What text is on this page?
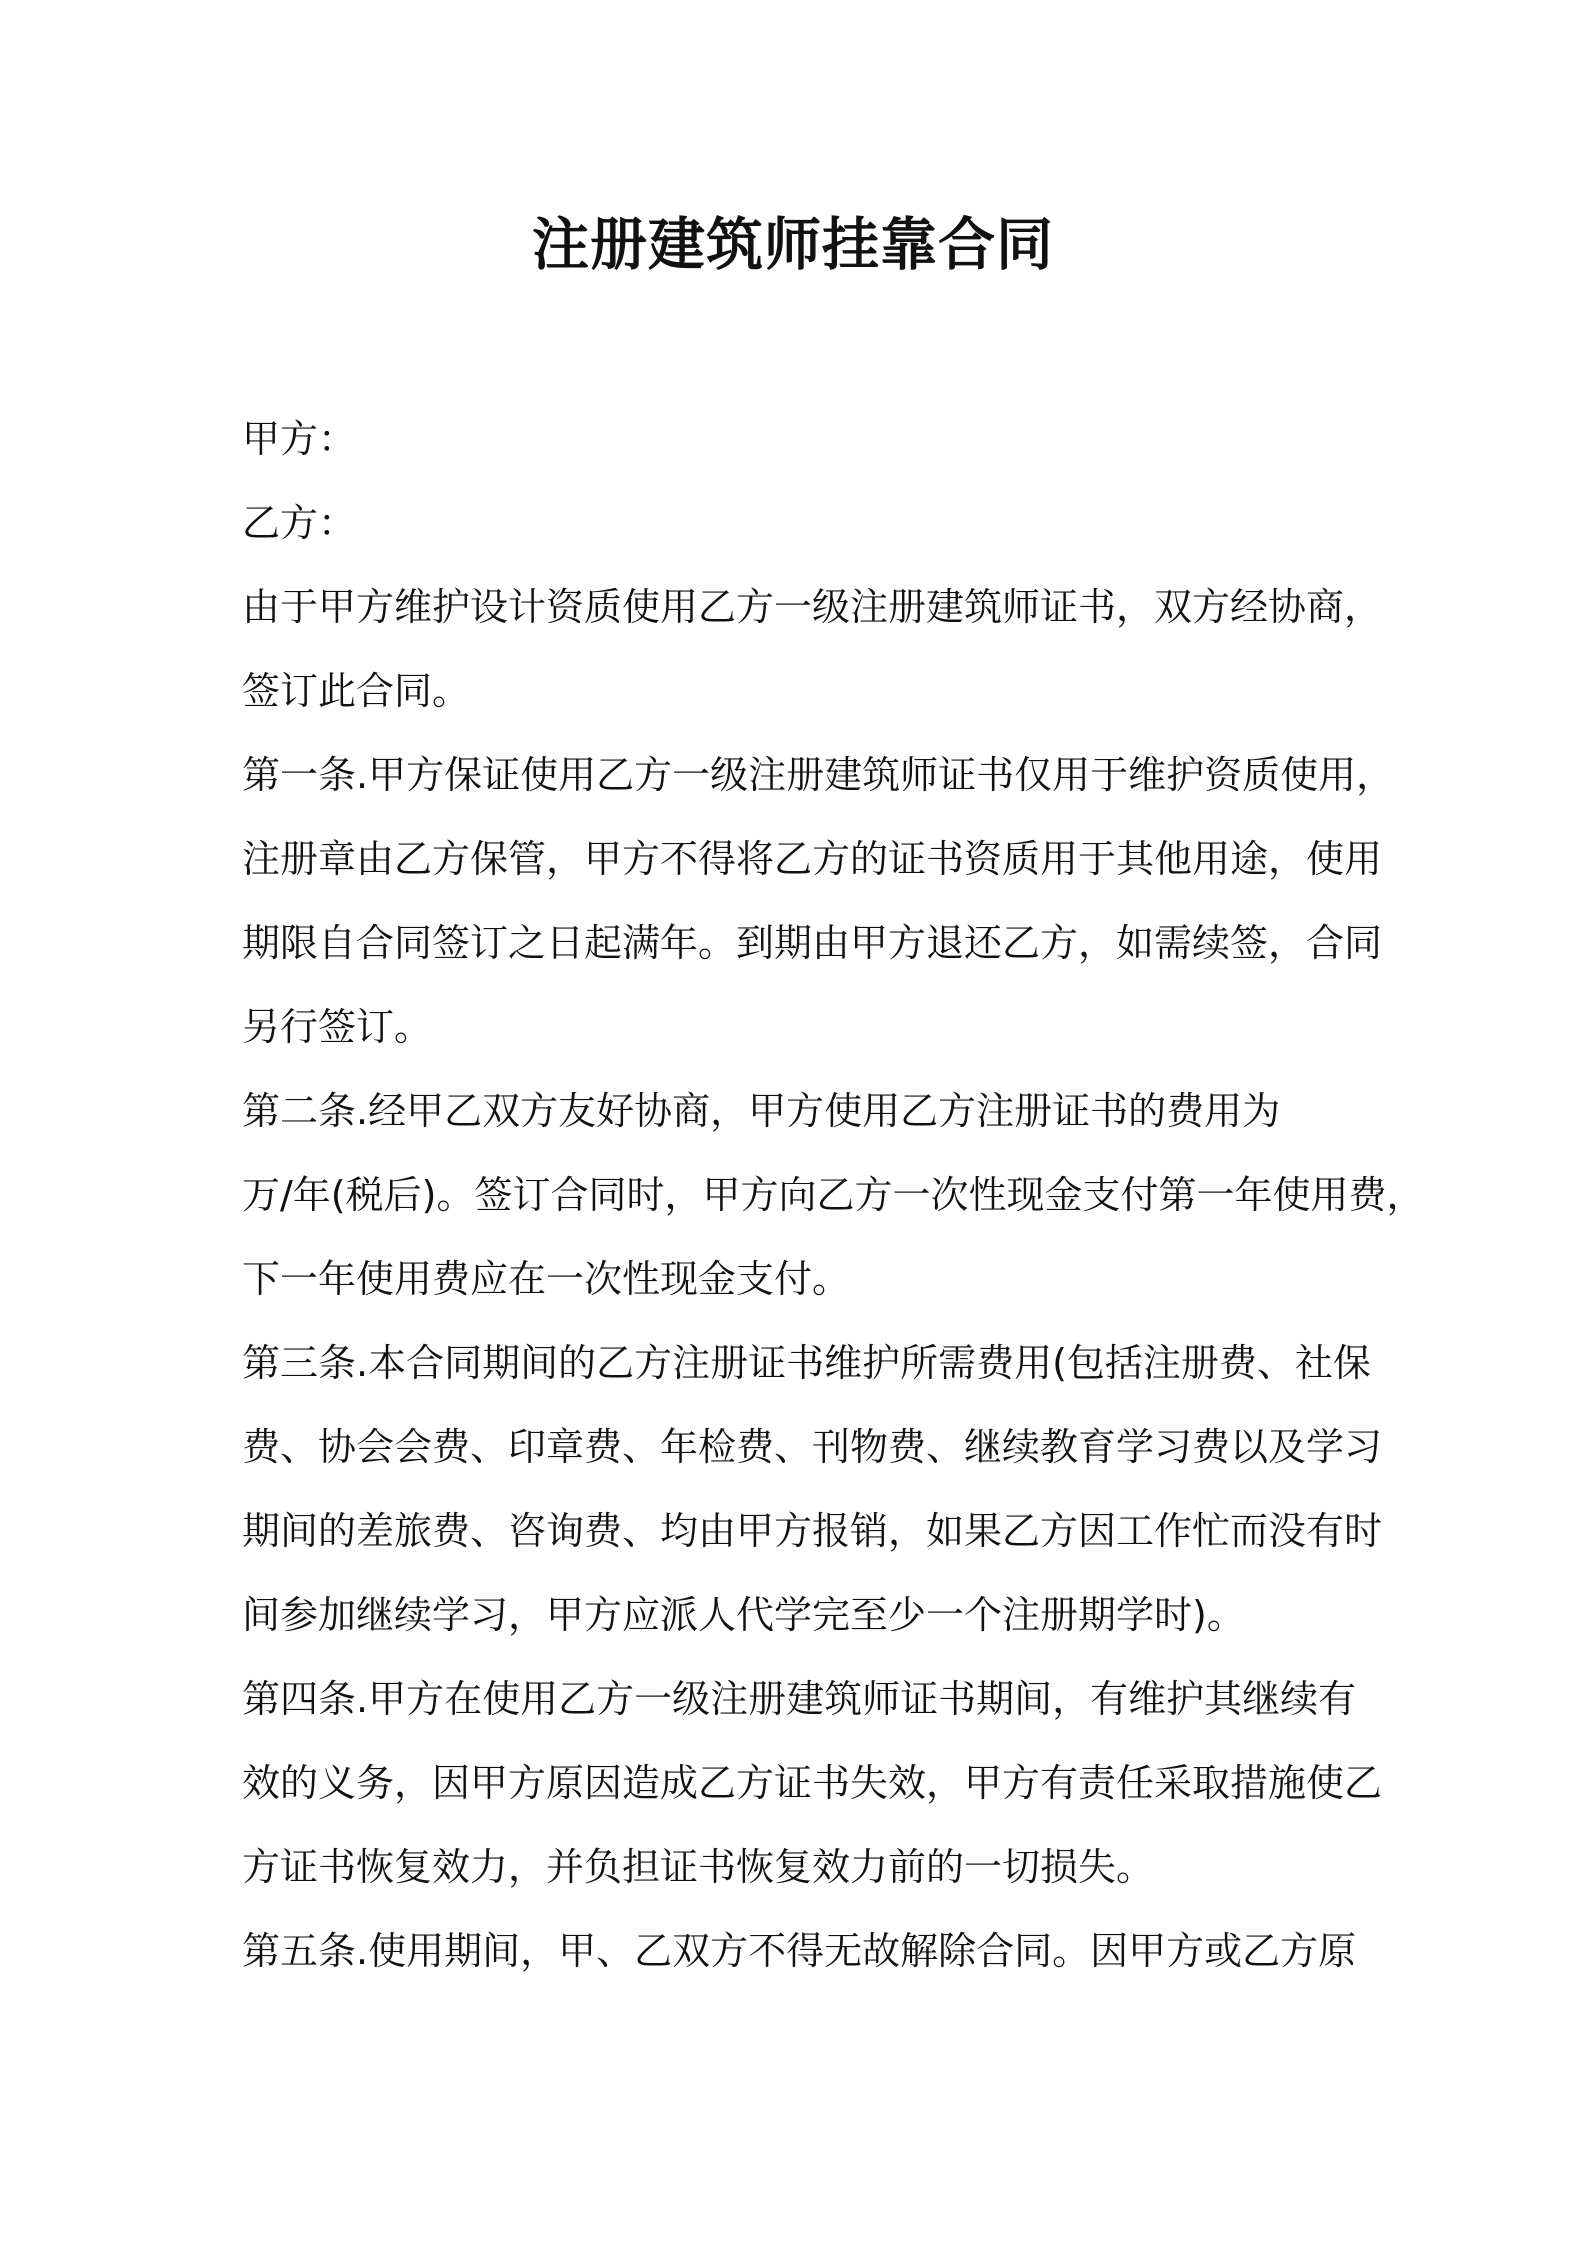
注册建筑师挂靠合同

甲方：

乙方：

由于甲方维护设计资质使用乙方一级注册建筑师证书，双方经协商，
签订此合同。

第一条.甲方保证使用乙方一级注册建筑师证书仅用于维护资质使用，
注册章由乙方保管，甲方不得将乙方的证书资质用于其他用途，使用
期限自合同签订之日起满年。到期由甲方退还乙方，如需续签，合同
另行签订。

第二条.经甲乙双方友好协商，甲方使用乙方注册证书的费用为
万/年(税后)。签订合同时，甲方向乙方一次性现金支付第一年使用费，
下一年使用费应在一次性现金支付。

第三条.本合同期间的乙方注册证书维护所需费用(包括注册费、社保
费、协会会费、印章费、年检费、刊物费、继续教育学习费以及学习
期间的差旅费、咨询费、均由甲方报销，如果乙方因工作忙而没有时
间参加继续学习，甲方应派人代学完至少一个注册期学时)。

第四条.甲方在使用乙方一级注册建筑师证书期间，有维护其继续有
效的义务，因甲方原因造成乙方证书失效，甲方有责任采取措施使乙
方证书恢复效力，并负担证书恢复效力前的一切损失。

第五条.使用期间，甲、乙双方不得无故解除合同。因甲方或乙方原
